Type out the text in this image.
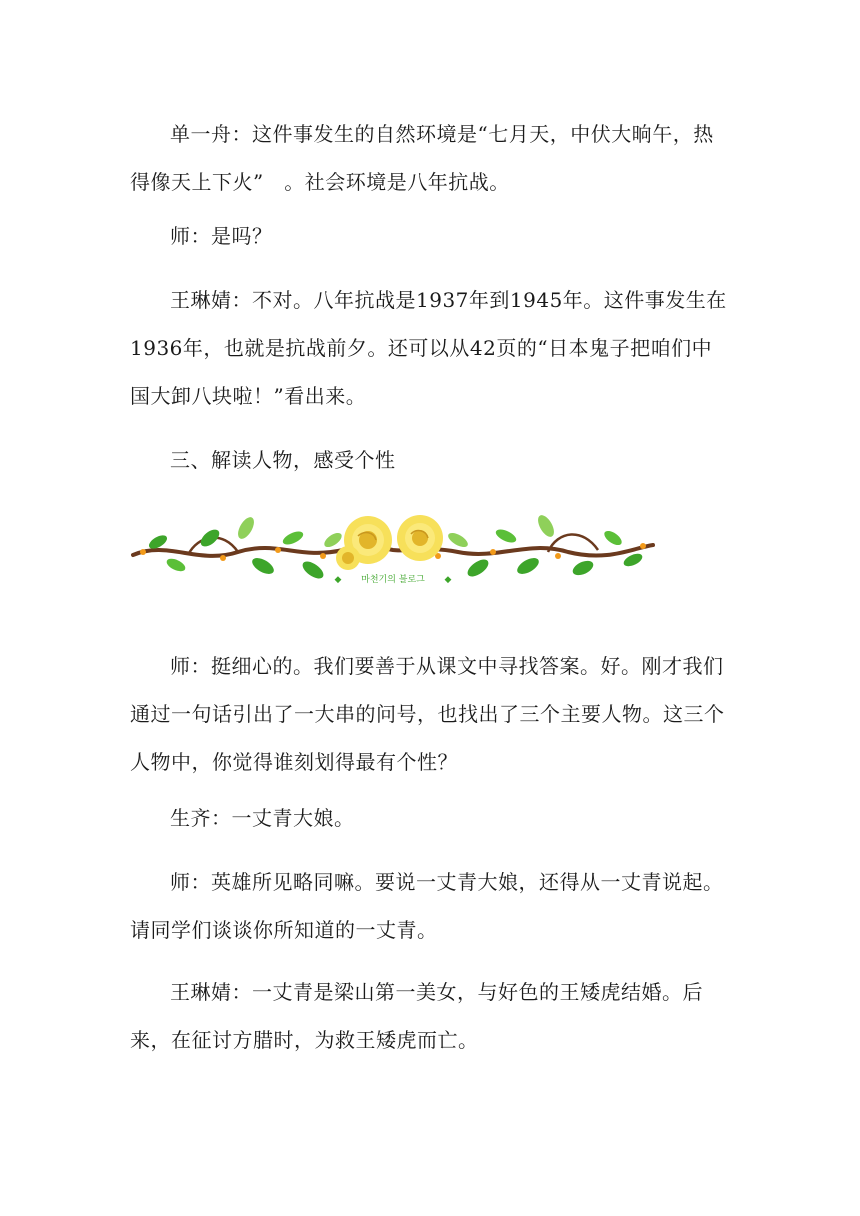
单一舟：这件事发生的自然环境是“七月天，中伏大晌午，热得像天上下火”　。社会环境是八年抗战。

师：是吗？

王琳婧：不对。八年抗战是1937年到1945年。这件事发生在1936年，也就是抗战前夕。还可以从42页的“日本鬼子把咱们中国大卸八块啦！”看出来。

三、解读人物，感受个性

마천기의 블로그
◆	◆

师：挺细心的。我们要善于从课文中寻找答案。好。刚才我们通过一句话引出了一大串的问号，也找出了三个主要人物。这三个人物中，你觉得谁刻划得最有个性？

生齐：一丈青大娘。

师：英雄所见略同嘛。要说一丈青大娘，还得从一丈青说起。请同学们谈谈你所知道的一丈青。

王琳婧：一丈青是梁山第一美女，与好色的王矮虎结婚。后来，在征讨方腊时，为救王矮虎而亡。
